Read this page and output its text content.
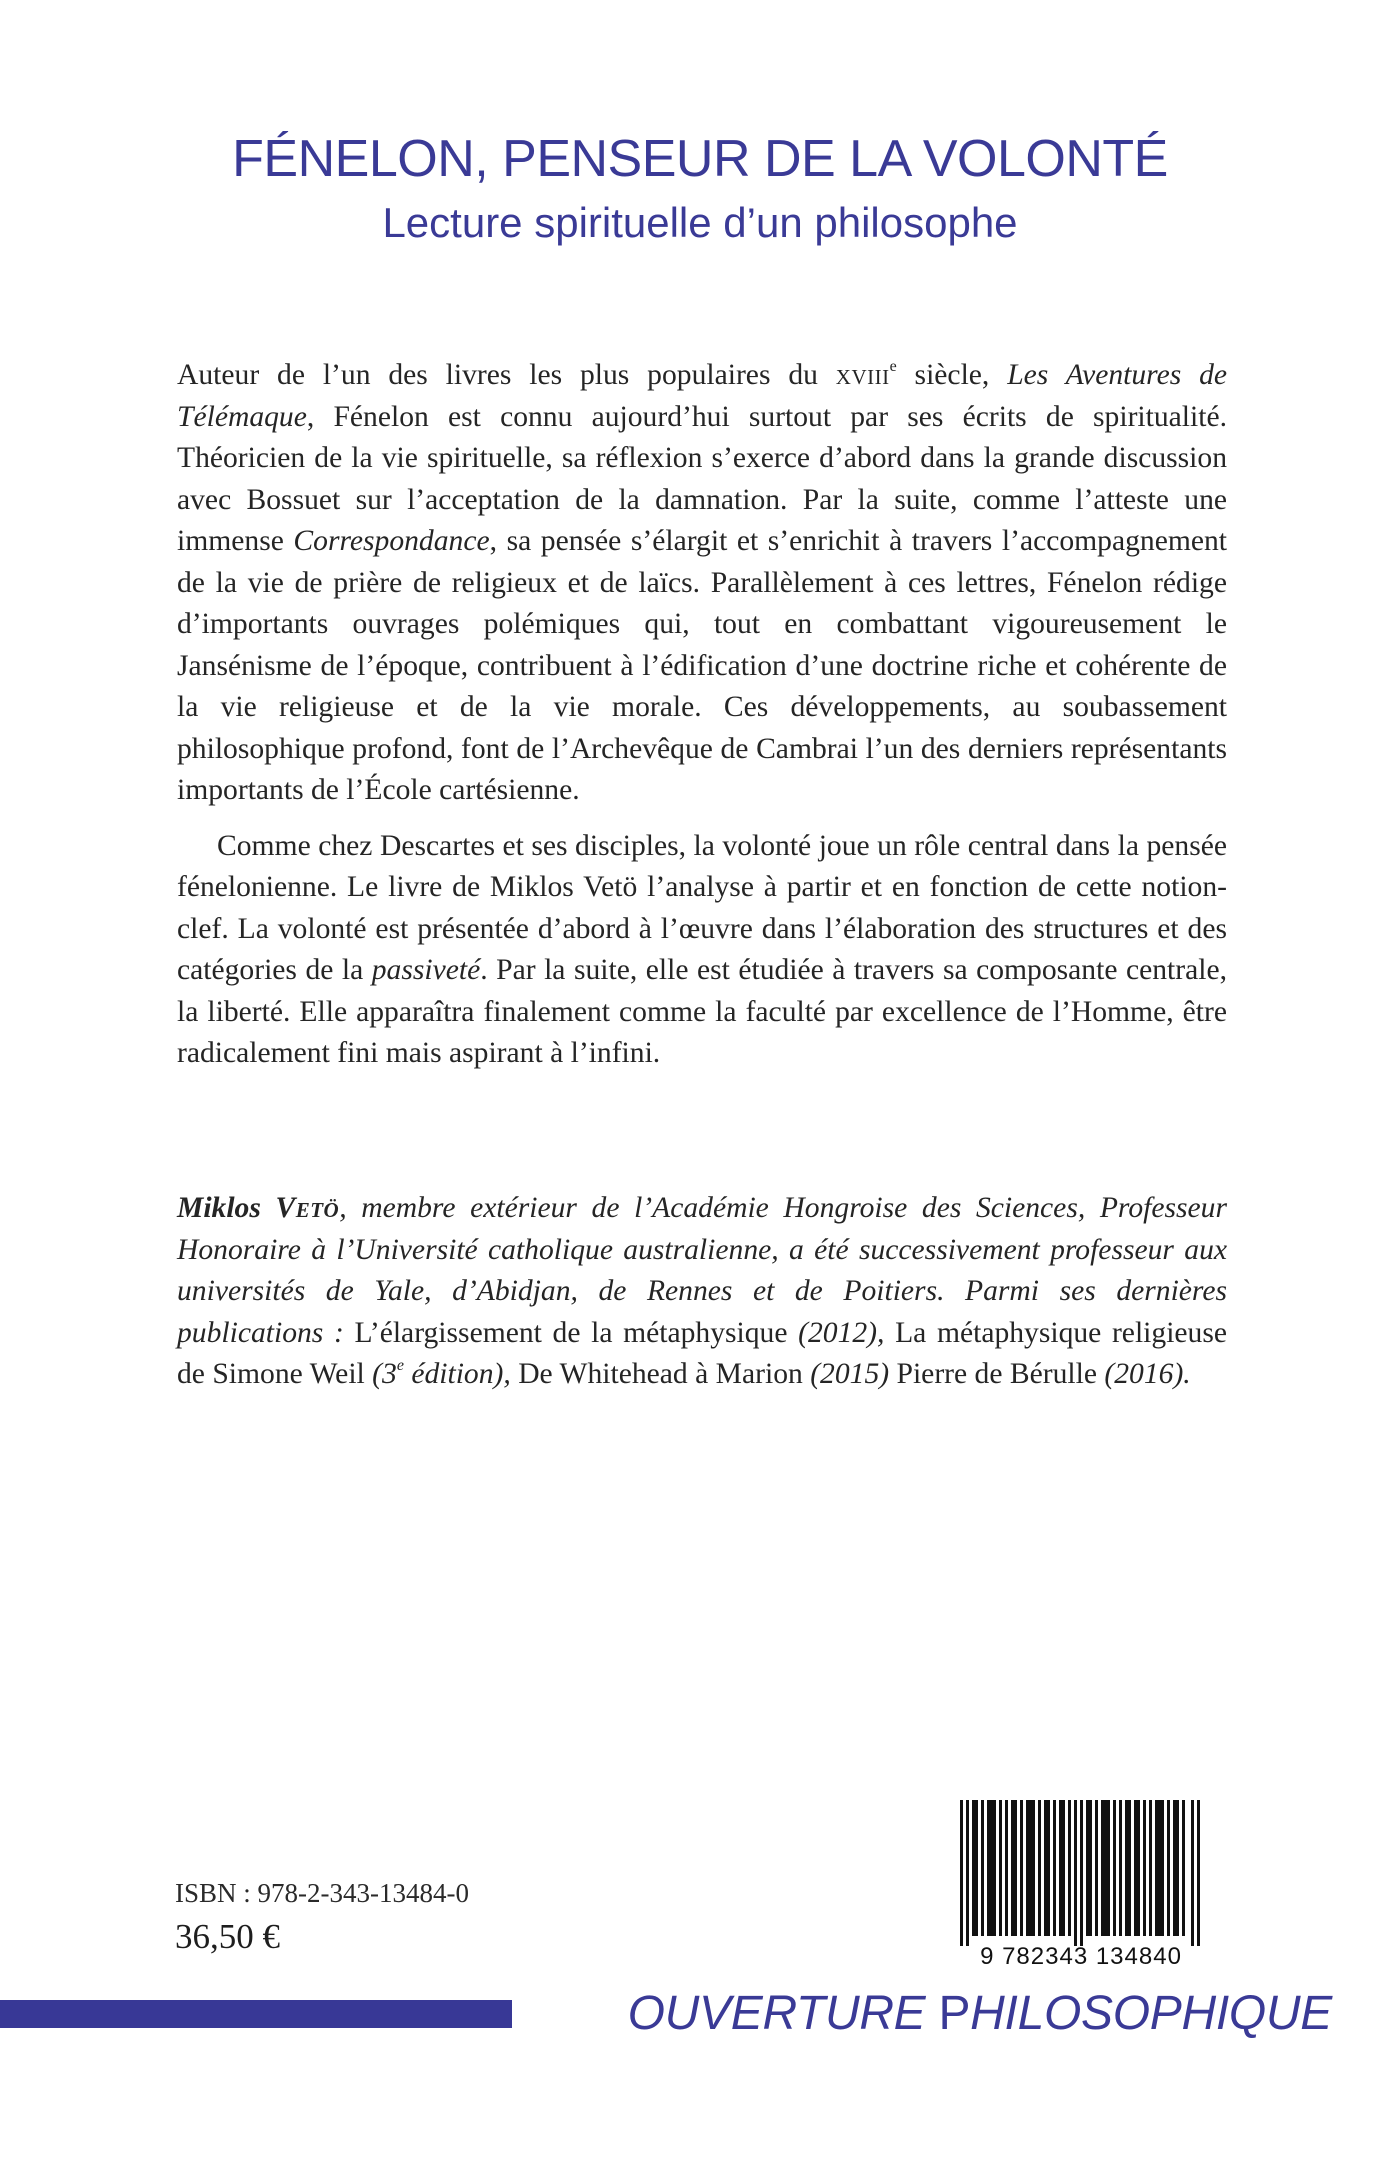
FÉNELON, PENSEUR DE LA VOLONTÉ
Lecture spirituelle d’un philosophe

Auteur de l’un des livres les plus populaires du xviii$^e$ siècle, Les Aventures de Télémaque, Fénelon est connu aujourd’hui surtout par ses écrits de spiritualité. Théoricien de la vie spirituelle, sa réflexion s’exerce d’abord dans la grande discussion avec Bossuet sur l’acceptation de la damnation. Par la suite, comme l’atteste une immense Correspondance, sa pensée s’élargit et s’enrichit à travers l’accompagnement de la vie de prière de religieux et de laïcs. Parallèlement à ces lettres, Fénelon rédige d’importants ouvrages polémiques qui, tout en combattant vigoureusement le Jansénisme de l’époque, contribuent à l’édification d’une doctrine riche et cohérente de la vie religieuse et de la vie morale. Ces développements, au soubassement philosophique profond, font de l’Archevêque de Cambrai l’un des derniers représentants importants de l’École cartésienne.

Comme chez Descartes et ses disciples, la volonté joue un rôle central dans la pensée fénelonienne. Le livre de Miklos Vetö l’analyse à partir et en fonction de cette notion-clef. La volonté est présentée d’abord à l’œuvre dans l’élaboration des structures et des catégories de la passiveté. Par la suite, elle est étudiée à travers sa composante centrale, la liberté. Elle apparaîtra finalement comme la faculté par excellence de l’Homme, être radicalement fini mais aspirant à l’infini.

Miklos Vetö, membre extérieur de l’Académie Hongroise des Sciences, Professeur Honoraire à l’Université catholique australienne, a été successivement professeur aux universités de Yale, d’Abidjan, de Rennes et de Poitiers. Parmi ses dernières publications : L’élargissement de la métaphysique (2012), La métaphysique religieuse de Simone Weil (3e édition), De Whitehead à Marion (2015) Pierre de Bérulle (2016).
ISBN : 978-2-343-13484-0
36,50 €
9 782343 134840
OUVERTURE PHILOSOPHIQUE
